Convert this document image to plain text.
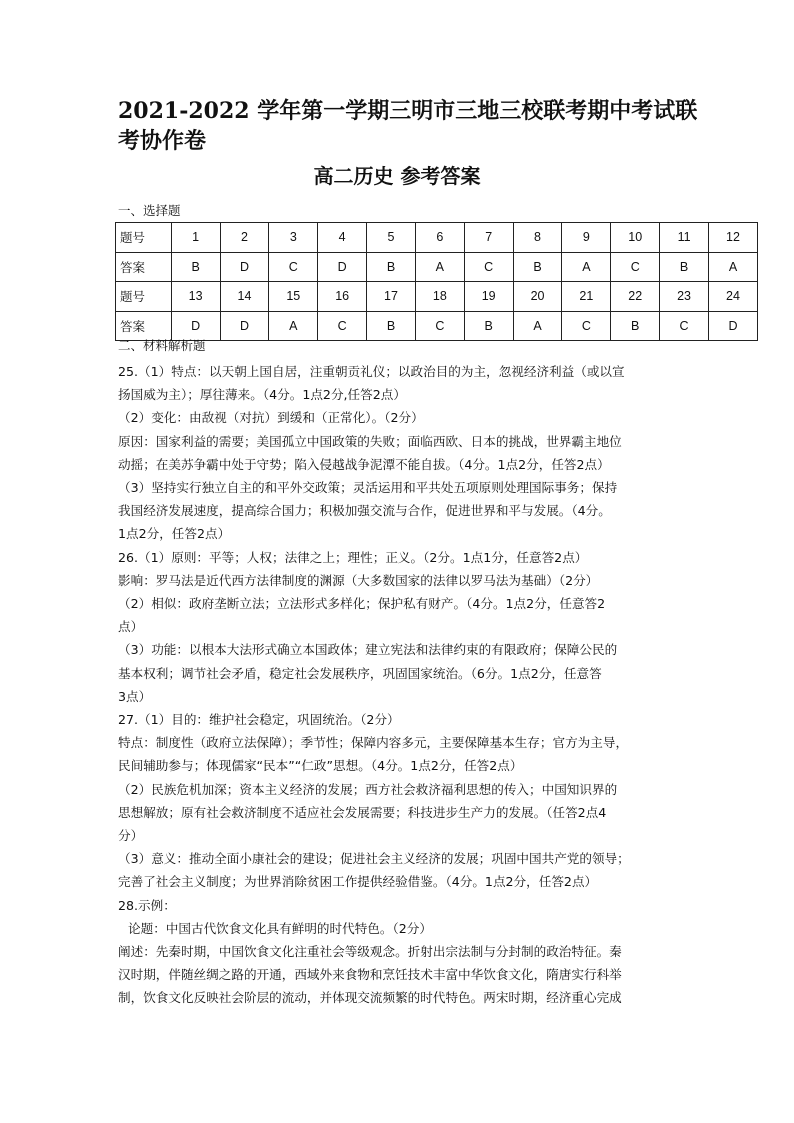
2021-2022 学年第一学期三明市三地三校联考期中考试联考协作卷
高二历史 参考答案
一、选择题
题号	1	2	3	4	5	6	7	8	9	10	11	12
答案	B	D	C	D	B	A	C	B	A	C	B	A
题号	13	14	15	16	17	18	19	20	21	22	23	24
答案	D	D	A	C	B	C	B	A	C	B	C	D
二、材料解析题

25.（1）特点：以天朝上国自居，注重朝贡礼仪；以政治目的为主，忽视经济利益（或以宣

扬国威为主）；厚往薄来。（4分。1点2分,任答2点）

（2）变化：由敌视（对抗）到缓和（正常化）。（2分）

原因：国家利益的需要；美国孤立中国政策的失败；面临西欧、日本的挑战，世界霸主地位

动摇；在美苏争霸中处于守势；陷入侵越战争泥潭不能自拔。（4分。1点2分，任答2点）

（3）坚持实行独立自主的和平外交政策；灵活运用和平共处五项原则处理国际事务；保持

我国经济发展速度，提高综合国力；积极加强交流与合作，促进世界和平与发展。（4分。

1点2分，任答2点）

26.（1）原则：平等；人权；法律之上；理性；正义。（2分。1点1分，任意答2点）

影响：罗马法是近代西方法律制度的渊源（大多数国家的法律以罗马法为基础）（2分）

（2）相似：政府垄断立法；立法形式多样化；保护私有财产。（4分。1点2分，任意答2

点）

（3）功能：以根本大法形式确立本国政体；建立宪法和法律约束的有限政府；保障公民的

基本权利；调节社会矛盾，稳定社会发展秩序，巩固国家统治。（6分。1点2分，任意答

3点）

27.（1）目的：维护社会稳定，巩固统治。（2分）

特点：制度性（政府立法保障）；季节性；保障内容多元，主要保障基本生存；官方为主导，

民间辅助参与；体现儒家“民本”“仁政”思想。（4分。1点2分，任答2点）

（2）民族危机加深；资本主义经济的发展；西方社会救济福利思想的传入；中国知识界的

思想解放；原有社会救济制度不适应社会发展需要；科技进步生产力的发展。（任答2点4

分）

（3）意义：推动全面小康社会的建设；促进社会主义经济的发展；巩固中国共产党的领导；

完善了社会主义制度；为世界消除贫困工作提供经验借鉴。（4分。1点2分，任答2点）

28.示例：

论题：中国古代饮食文化具有鲜明的时代特色。（2分）

阐述：先秦时期，中国饮食文化注重社会等级观念。折射出宗法制与分封制的政治特征。秦

汉时期，伴随丝绸之路的开通，西域外来食物和烹饪技术丰富中华饮食文化，隋唐实行科举

制，饮食文化反映社会阶层的流动，并体现交流频繁的时代特色。两宋时期，经济重心完成
